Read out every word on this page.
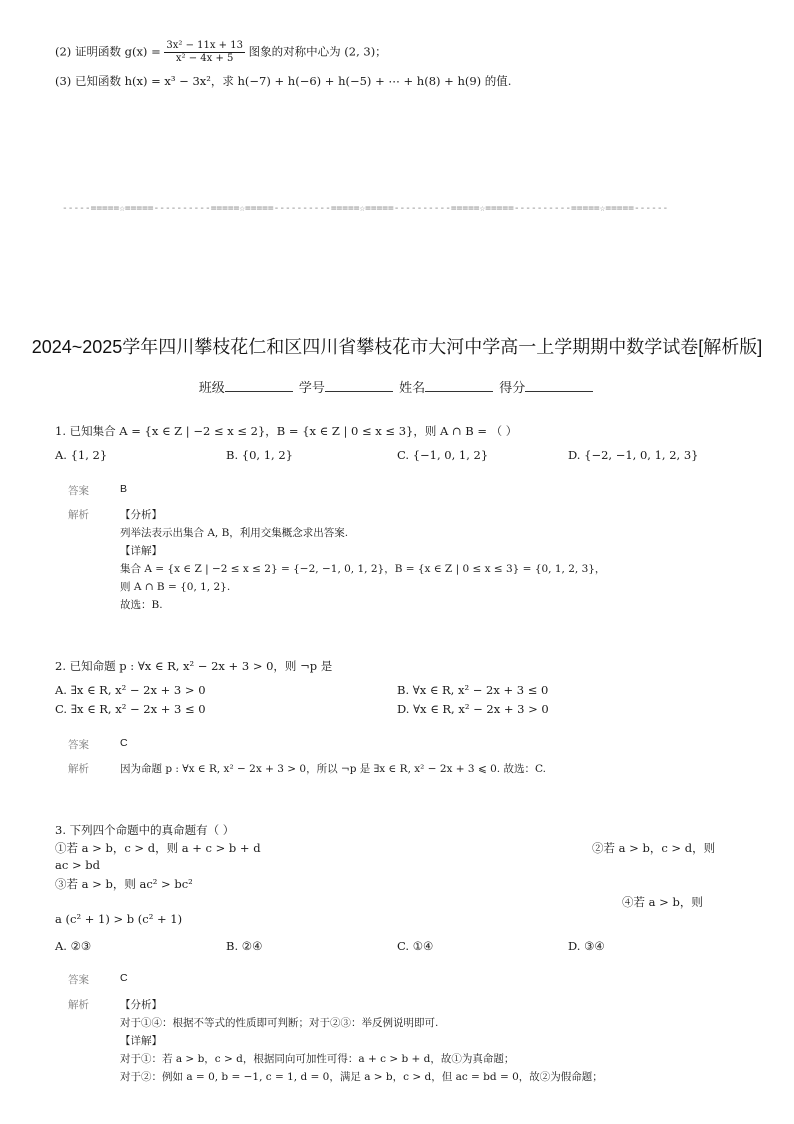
(2) 证明函数 $g(x) = \frac{\text{3x² − 11x + 13}}{\text{x² − 4x + 5}}$ 图象的对称中心为 (2, 3)；
(3) 已知函数 h(x) = x³ − 3x²，求 h(−7) + h(−6) + h(−5) + ⋯ + h(8) + h(9) 的值.
-----=====☆=====----------=====☆=====----------=====☆=====----------=====☆=====----------=====☆=====------
2024~2025学年四川攀枝花仁和区四川省攀枝花市大河中学高一上学期期中数学试卷[解析版]
班级	学号	姓名	得分
1. 已知集合 A = {x ∈ Z | −2 ≤ x ≤ 2}，B = {x ∈ Z | 0 ≤ x ≤ 3}，则 A ∩ B = （ ）
A. {1, 2}	B. {0, 1, 2}	C. {−1, 0, 1, 2}	D. {−2, −1, 0, 1, 2, 3}
答案	B
解析	【分析】
列举法表示出集合 A, B，利用交集概念求出答案.
【详解】
集合 A = {x ∈ Z | −2 ≤ x ≤ 2} = {−2, −1, 0, 1, 2}，B = {x ∈ Z | 0 ≤ x ≤ 3} = {0, 1, 2, 3}，
则 A ∩ B = {0, 1, 2}.
故选：B.
2. 已知命题 p : ∀x ∈ R, x² − 2x + 3 > 0，则 ¬p 是
A. ∃x ∈ R, x² − 2x + 3 > 0	B. ∀x ∈ R, x² − 2x + 3 ≤ 0
C. ∃x ∈ R, x² − 2x + 3 ≤ 0	D. ∀x ∈ R, x² − 2x + 3 > 0
答案	C
解析	因为命题 p : ∀x ∈ R, x² − 2x + 3 > 0，所以 ¬p 是 ∃x ∈ R, x² − 2x + 3 ⩽ 0. 故选：C.
3. 下列四个命题中的真命题有（ ）
①若 a > b，c > d，则 a + c > b + d	②若 a > b，c > d，则
ac > bd
③若 a > b，则 ac² > bc²
④若 a > b，则
a (c² + 1) > b (c² + 1)
A. ②③	B. ②④	C. ①④	D. ③④
答案	C
解析	【分析】
对于①④：根据不等式的性质即可判断；对于②③：举反例说明即可.
【详解】
对于①：若 a > b，c > d，根据同向可加性可得：a + c > b + d，故①为真命题；
对于②：例如 a = 0, b = −1, c = 1, d = 0，满足 a > b，c > d，但 ac = bd = 0，故②为假命题；
